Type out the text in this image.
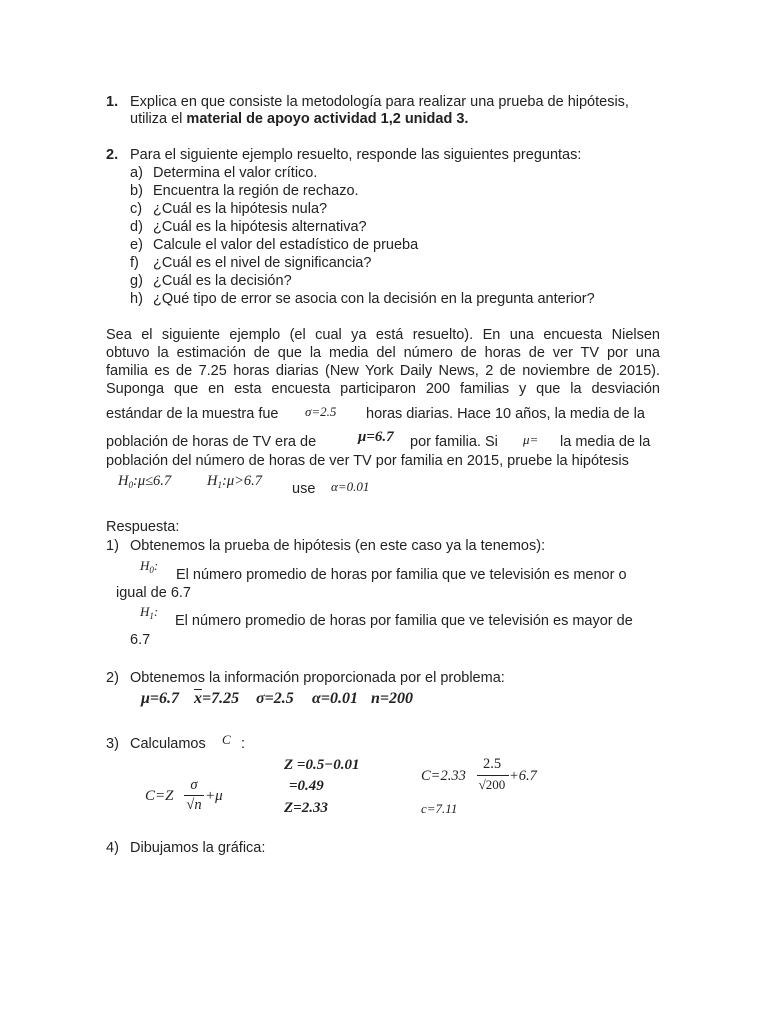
1. Explica en que consiste la metodología para realizar una prueba de hipótesis,
utiliza el material de apoyo actividad 1,2 unidad 3.
2. Para el siguiente ejemplo resuelto, responde las siguientes preguntas:
a) Determina el valor crítico.
b) Encuentra la región de rechazo.
c) ¿Cuál es la hipótesis nula?
d) ¿Cuál es la hipótesis alternativa?
e) Calcule el valor del estadístico de prueba
f) ¿Cuál es el nivel de significancia?
g) ¿Cuál es la decisión?
h) ¿Qué tipo de error se asocia con la decisión en la pregunta anterior?
Sea el siguiente ejemplo (el cual ya está resuelto). En una encuesta Nielsen
obtuvo la estimación de que la media del número de horas de ver TV por una
familia es de 7.25 horas diarias (New York Daily News, 2 de noviembre de 2015).
Suponga que en esta encuesta participaron 200 familias y que la desviación
estándar de la muestra fue σ=2.5 horas diarias. Hace 10 años, la media de la
población de horas de TV era de	μ=6.7 por familia. Si μ= la media de la
población del número de horas de ver TV por familia en 2015, pruebe la hipótesis
$H_0:\mu\le 6.7$ $H_1:\mu>6.7$ use α=0.01
Respuesta:
1) Obtenemos la prueba de hipótesis (en este caso ya la tenemos):
$H_0$:
El número promedio de horas por familia que ve televisión es menor o
igual de 6.7
$H_1$:
El número promedio de horas por familia que ve televisión es mayor de
6.7
2) Obtenemos la información proporcionada por el problema:
μ=6.7 $\overline{x}=7.25$ σ=2.5 α=0.01 n=200
3) Calculamos C :
C=Z
σ
√n
+μ
Z =0.5−0.01
=0.49
Z=2.33
C=2.33
2.5
√200
+6.7
c=7.11
4) Dibujamos la gráfica:
